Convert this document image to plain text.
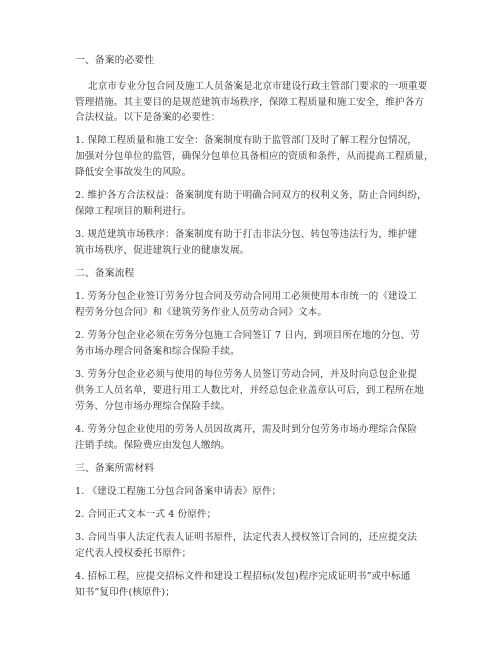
一、备案的必要性
北京市专业分包合同及施工人员备案是北京市建设行政主管部门要求的一项重要
管理措施。其主要目的是规范建筑市场秩序，保障工程质量和施工安全，维护各方
合法权益。以下是备案的必要性：
1. 保障工程质量和施工安全：备案制度有助于监管部门及时了解工程分包情况，
加强对分包单位的监管，确保分包单位具备相应的资质和条件，从而提高工程质量，
降低安全事故发生的风险。
2. 维护各方合法权益：备案制度有助于明确合同双方的权利义务，防止合同纠纷，
保障工程项目的顺利进行。
3. 规范建筑市场秩序：备案制度有助于打击非法分包、转包等违法行为，维护建
筑市场秩序，促进建筑行业的健康发展。
二、备案流程
1. 劳务分包企业签订劳务分包合同及劳动合同用工必须使用本市统一的《建设工
程劳务分包合同》和《建筑劳务作业人员劳动合同》文本。
2. 劳务分包企业必须在劳务分包施工合同签订 7 日内，到项目所在地的分包、劳
务市场办理合同备案和综合保险手续。
3. 劳务分包企业必须与使用的每位劳务人员签订劳动合同，并及时向总包企业提
供务工人员名单，要进行用工人数比对，并经总包企业盖章认可后，到工程所在地
劳务、分包市场办理综合保险手续。
4. 劳务分包企业使用的劳务人员因故离开，需及时到分包劳务市场办理综合保险
注销手续。保险费应由发包人缴纳。
三、备案所需材料
1. 《建设工程施工分包合同备案申请表》原件；
2. 合同正式文本一式 4 份原件；
3. 合同当事人法定代表人证明书原件，法定代表人授权签订合同的，还应提交法
定代表人授权委托书原件；
4. 招标工程，应提交招标文件和建设工程招标(发包)程序完成证明书”或中标通
知书”复印件(核原件)；
